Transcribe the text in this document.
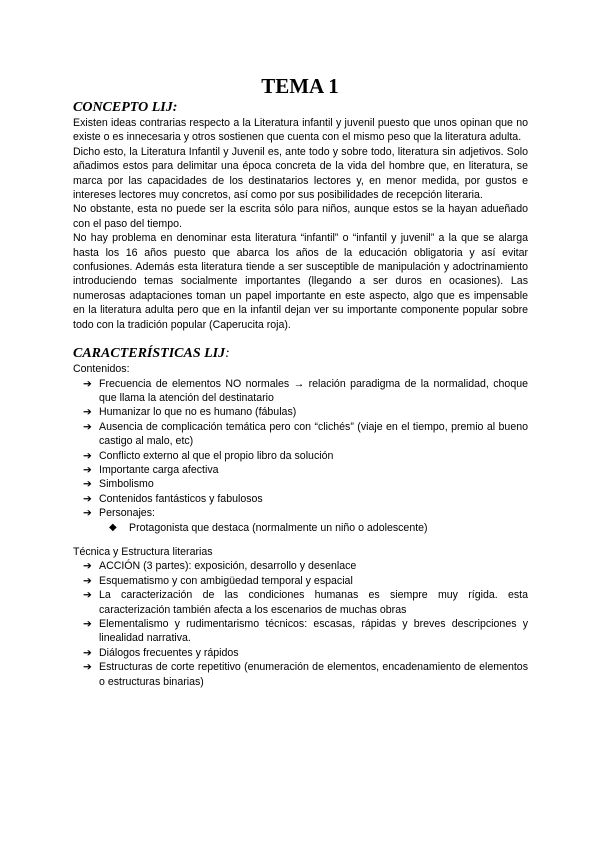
TEMA 1
CONCEPTO LIJ:

Existen ideas contrarias respecto a la Literatura infantil y juvenil puesto que unos opinan que no existe o es innecesaria y otros sostienen que cuenta con el mismo peso que la literatura adulta.

Dicho esto, la Literatura Infantil y Juvenil es, ante todo y sobre todo, literatura sin adjetivos. Solo añadimos estos para delimitar una época concreta de la vida del hombre que, en literatura, se marca por las capacidades de los destinatarios lectores y, en menor medida, por gustos e intereses lectores muy concretos, así como por sus posibilidades de recepción literaria.

No obstante, esta no puede ser la escrita sólo para niños, aunque estos se la hayan adueñado con el paso del tiempo.

No hay problema en denominar esta literatura “infantil” o “infantil y juvenil” a la que se alarga hasta los 16 años puesto que abarca los años de la educación obligatoria y así evitar confusiones. Además esta literatura tiende a ser susceptible de manipulación y adoctrinamiento introduciendo temas socialmente importantes (llegando a ser duros en ocasiones). Las numerosas adaptaciones toman un papel importante en este aspecto, algo que es impensable en la literatura adulta pero que en la infantil dejan ver su importante componente popular sobre todo con la tradición popular (Caperucita roja).

CARACTERÍSTICAS LIJ:
Contenidos:
➔ Frecuencia de elementos NO normales → relación paradigma de la normalidad, choque que llama la atención del destinatario
➔ Humanizar lo que no es humano (fábulas)
➔ Ausencia de complicación temática pero con “clichés” (viaje en el tiempo, premio al bueno castigo al malo, etc)
➔ Conflicto externo al que el propio libro da solución
➔ Importante carga afectiva
➔ Simbolismo
➔ Contenidos fantásticos y fabulosos
➔ Personajes:
◆ Protagonista que destaca (normalmente un niño o adolescente)
Técnica y Estructura literarias
➔ ACCIÓN (3 partes): exposición, desarrollo y desenlace
➔ Esquematismo y con ambigüedad temporal y espacial
➔ La caracterización de las condiciones humanas es siempre muy rígida. esta caracterización también afecta a los escenarios de muchas obras
➔ Elementalismo y rudimentarismo técnicos: escasas, rápidas y breves descripciones y linealidad narrativa.
➔ Diálogos frecuentes y rápidos
➔ Estructuras de corte repetitivo (enumeración de elementos, encadenamiento de elementos o estructuras binarias)
